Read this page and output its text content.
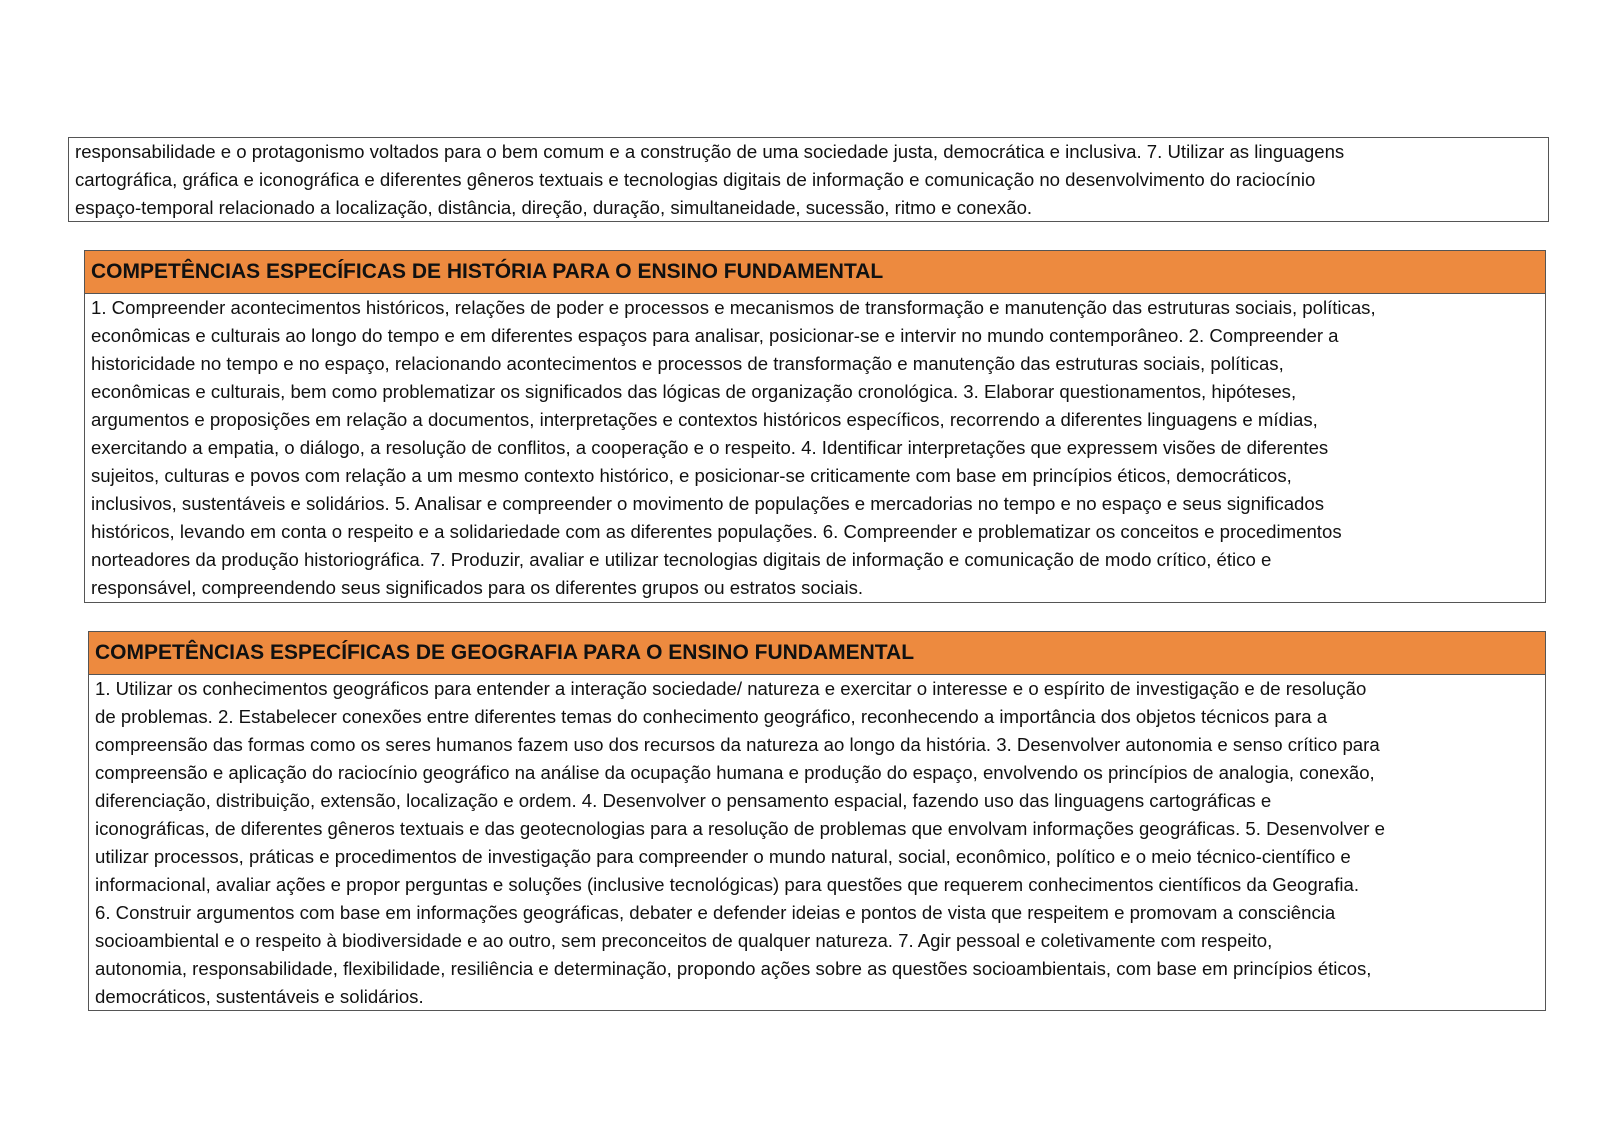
responsabilidade e o protagonismo voltados para o bem comum e a construção de uma sociedade justa, democrática e inclusiva. 7. Utilizar as linguagens
cartográfica, gráfica e iconográfica e diferentes gêneros textuais e tecnologias digitais de informação e comunicação no desenvolvimento do raciocínio
espaço-temporal relacionado a localização, distância, direção, duração, simultaneidade, sucessão, ritmo e conexão.
COMPETÊNCIAS ESPECÍFICAS DE HISTÓRIA PARA O ENSINO FUNDAMENTAL
1. Compreender acontecimentos históricos, relações de poder e processos e mecanismos de transformação e manutenção das estruturas sociais, políticas,
econômicas e culturais ao longo do tempo e em diferentes espaços para analisar, posicionar-se e intervir no mundo contemporâneo. 2. Compreender a
historicidade no tempo e no espaço, relacionando acontecimentos e processos de transformação e manutenção das estruturas sociais, políticas,
econômicas e culturais, bem como problematizar os significados das lógicas de organização cronológica. 3. Elaborar questionamentos, hipóteses,
argumentos e proposições em relação a documentos, interpretações e contextos históricos específicos, recorrendo a diferentes linguagens e mídias,
exercitando a empatia, o diálogo, a resolução de conflitos, a cooperação e o respeito. 4. Identificar interpretações que expressem visões de diferentes
sujeitos, culturas e povos com relação a um mesmo contexto histórico, e posicionar-se criticamente com base em princípios éticos, democráticos,
inclusivos, sustentáveis e solidários. 5. Analisar e compreender o movimento de populações e mercadorias no tempo e no espaço e seus significados
históricos, levando em conta o respeito e a solidariedade com as diferentes populações. 6. Compreender e problematizar os conceitos e procedimentos
norteadores da produção historiográfica. 7. Produzir, avaliar e utilizar tecnologias digitais de informação e comunicação de modo crítico, ético e
responsável, compreendendo seus significados para os diferentes grupos ou estratos sociais.
COMPETÊNCIAS ESPECÍFICAS DE GEOGRAFIA PARA O ENSINO FUNDAMENTAL
1. Utilizar os conhecimentos geográficos para entender a interação sociedade/ natureza e exercitar o interesse e o espírito de investigação e de resolução
de problemas. 2. Estabelecer conexões entre diferentes temas do conhecimento geográfico, reconhecendo a importância dos objetos técnicos para a
compreensão das formas como os seres humanos fazem uso dos recursos da natureza ao longo da história. 3. Desenvolver autonomia e senso crítico para
compreensão e aplicação do raciocínio geográfico na análise da ocupação humana e produção do espaço, envolvendo os princípios de analogia, conexão,
diferenciação, distribuição, extensão, localização e ordem. 4. Desenvolver o pensamento espacial, fazendo uso das linguagens cartográficas e
iconográficas, de diferentes gêneros textuais e das geotecnologias para a resolução de problemas que envolvam informações geográficas. 5. Desenvolver e
utilizar processos, práticas e procedimentos de investigação para compreender o mundo natural, social, econômico, político e o meio técnico-científico e
informacional, avaliar ações e propor perguntas e soluções (inclusive tecnológicas) para questões que requerem conhecimentos científicos da Geografia.
6. Construir argumentos com base em informações geográficas, debater e defender ideias e pontos de vista que respeitem e promovam a consciência
socioambiental e o respeito à biodiversidade e ao outro, sem preconceitos de qualquer natureza. 7. Agir pessoal e coletivamente com respeito,
autonomia, responsabilidade, flexibilidade, resiliência e determinação, propondo ações sobre as questões socioambientais, com base em princípios éticos,
democráticos, sustentáveis e solidários.
